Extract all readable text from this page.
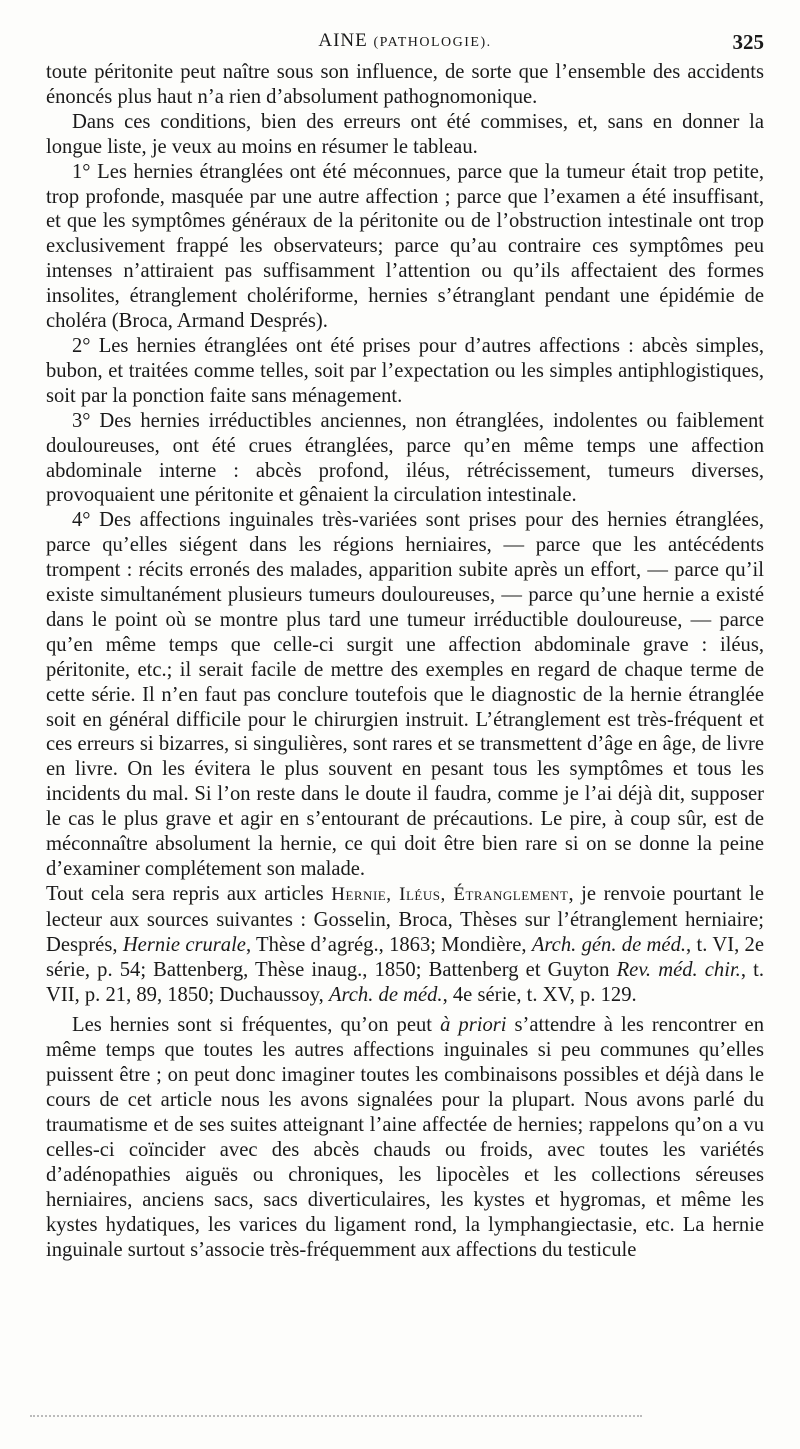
AINE (PATHOLOGIE).	325

toute péritonite peut naître sous son influence, de sorte que l’ensemble des accidents énoncés plus haut n’a rien d’absolument pathognomonique.

Dans ces conditions, bien des erreurs ont été commises, et, sans en donner la longue liste, je veux au moins en résumer le tableau.

1° Les hernies étranglées ont été méconnues, parce que la tumeur était trop petite, trop profonde, masquée par une autre affection ; parce que l’examen a été insuffisant, et que les symptômes généraux de la péritonite ou de l’obstruction intestinale ont trop exclusivement frappé les observateurs; parce qu’au contraire ces symptômes peu intenses n’attiraient pas suffisamment l’attention ou qu’ils affectaient des formes insolites, étranglement cholériforme, hernies s’étranglant pendant une épidémie de choléra (Broca, Armand Després).

2° Les hernies étranglées ont été prises pour d’autres affections : abcès simples, bubon, et traitées comme telles, soit par l’expectation ou les simples antiphlogistiques, soit par la ponction faite sans ménagement.

3° Des hernies irréductibles anciennes, non étranglées, indolentes ou faiblement douloureuses, ont été crues étranglées, parce qu’en même temps une affection abdominale interne : abcès profond, iléus, rétrécissement, tumeurs diverses, provoquaient une péritonite et gênaient la circulation intestinale.

4° Des affections inguinales très-variées sont prises pour des hernies étranglées, parce qu’elles siégent dans les régions herniaires, — parce que les antécédents trompent : récits erronés des malades, apparition subite après un effort, — parce qu’il existe simultanément plusieurs tumeurs douloureuses, — parce qu’une hernie a existé dans le point où se montre plus tard une tumeur irréductible douloureuse, — parce qu’en même temps que celle-ci surgit une affection abdominale grave : iléus, péritonite, etc.; il serait facile de mettre des exemples en regard de chaque terme de cette série. Il n’en faut pas conclure toutefois que le diagnostic de la hernie étranglée soit en général difficile pour le chirurgien instruit. L’étranglement est très-fréquent et ces erreurs si bizarres, si singulières, sont rares et se transmettent d’âge en âge, de livre en livre. On les évitera le plus souvent en pesant tous les symptômes et tous les incidents du mal. Si l’on reste dans le doute il faudra, comme je l’ai déjà dit, supposer le cas le plus grave et agir en s’entourant de précautions. Le pire, à coup sûr, est de méconnaître absolument la hernie, ce qui doit être bien rare si on se donne la peine d’examiner complétement son malade.

Tout cela sera repris aux articles Hernie, Iléus, Étranglement, je renvoie pourtant le lecteur aux sources suivantes : Gosselin, Broca, Thèses sur l’étranglement herniaire; Després, Hernie crurale, Thèse d’agrég., 1863; Mondière, Arch. gén. de méd., t. VI, 2e série, p. 54; Battenberg, Thèse inaug., 1850; Battenberg et Guyton Rev. méd. chir., t. VII, p. 21, 89, 1850; Duchaussoy, Arch. de méd., 4e série, t. XV, p. 129.

Les hernies sont si fréquentes, qu’on peut à priori s’attendre à les rencontrer en même temps que toutes les autres affections inguinales si peu communes qu’elles puissent être ; on peut donc imaginer toutes les combinaisons possibles et déjà dans le cours de cet article nous les avons signalées pour la plupart. Nous avons parlé du traumatisme et de ses suites atteignant l’aine affectée de hernies; rappelons qu’on a vu celles-ci coïncider avec des abcès chauds ou froids, avec toutes les variétés d’adénopathies aiguës ou chroniques, les lipocèles et les collections séreuses herniaires, anciens sacs, sacs diverticulaires, les kystes et hygromas, et même les kystes hydatiques, les varices du ligament rond, la lymphangiectasie, etc. La hernie inguinale surtout s’associe très-fréquemment aux affections du testicule
